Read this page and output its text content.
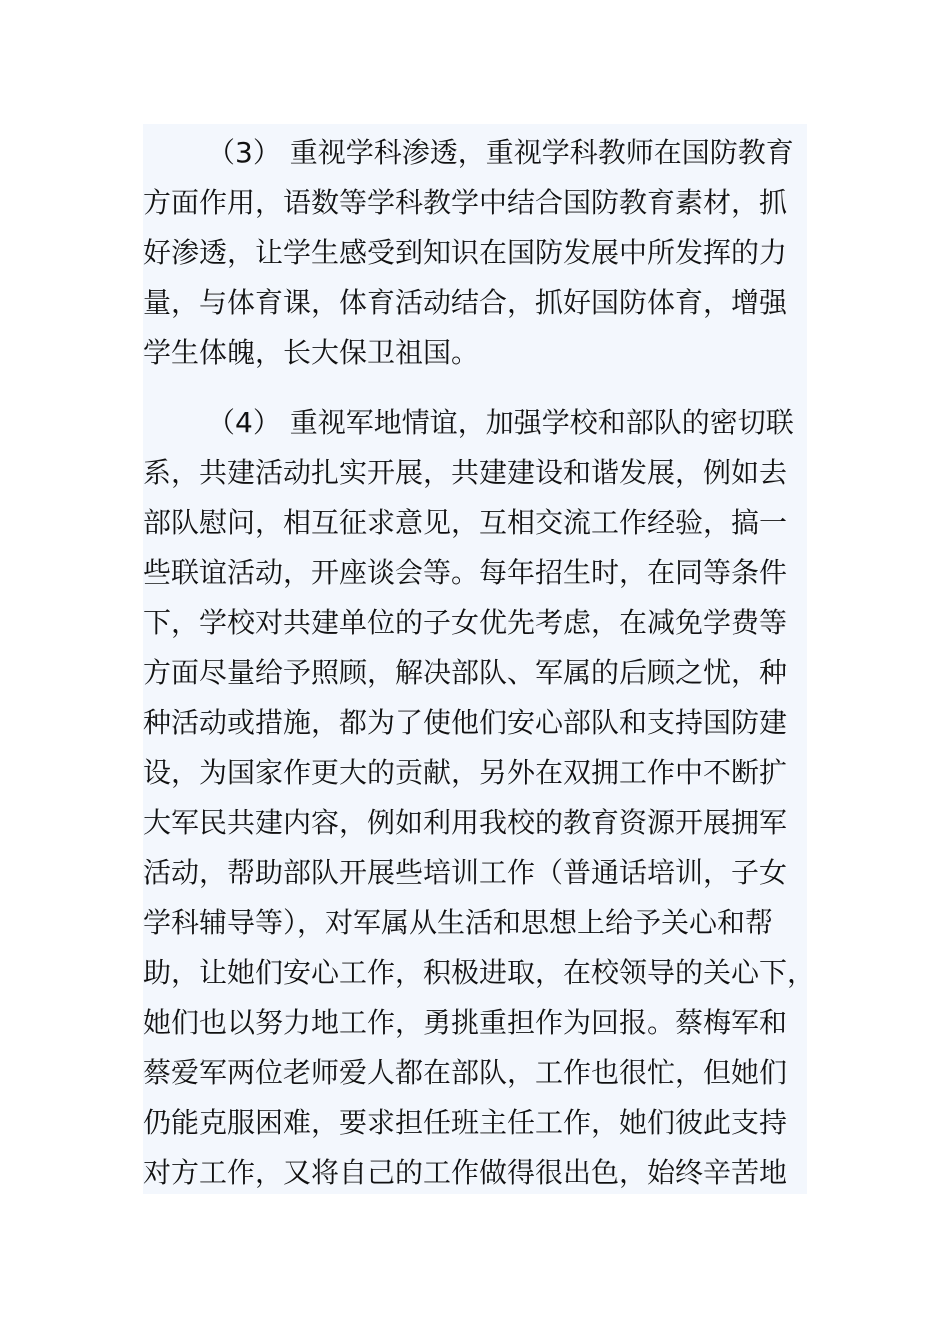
（3） 重视学科渗透，重视学科教师在国防教育
方面作用，语数等学科教学中结合国防教育素材，抓
好渗透，让学生感受到知识在国防发展中所发挥的力
量，与体育课，体育活动结合，抓好国防体育，增强
学生体魄，长大保卫祖国。
（4） 重视军地情谊，加强学校和部队的密切联
系，共建活动扎实开展，共建建设和谐发展，例如去
部队慰问，相互征求意见，互相交流工作经验，搞一
些联谊活动，开座谈会等。每年招生时，在同等条件
下，学校对共建单位的子女优先考虑，在减免学费等
方面尽量给予照顾，解决部队、军属的后顾之忧，种
种活动或措施，都为了使他们安心部队和支持国防建
设，为国家作更大的贡献，另外在双拥工作中不断扩
大军民共建内容，例如利用我校的教育资源开展拥军
活动，帮助部队开展些培训工作（普通话培训，子女
学科辅导等），对军属从生活和思想上给予关心和帮
助，让她们安心工作，积极进取，在校领导的关心下，
她们也以努力地工作，勇挑重担作为回报。蔡梅军和
蔡爱军两位老师爱人都在部队，工作也很忙，但她们
仍能克服困难，要求担任班主任工作，她们彼此支持
对方工作，又将自己的工作做得很出色，始终辛苦地
